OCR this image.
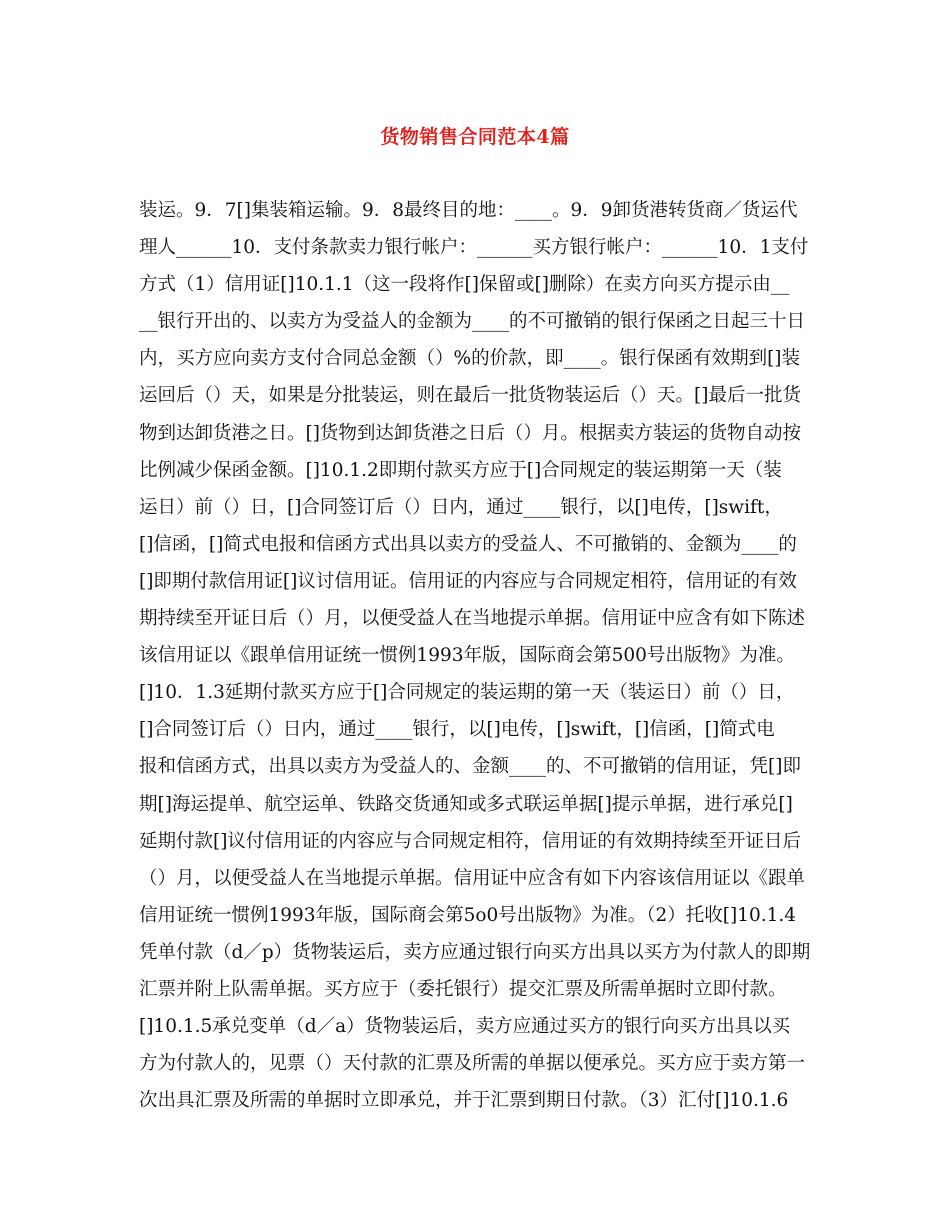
货物销售合同范本4篇
装运。9．7[]集装箱运输。9．8最终目的地：____。9．9卸货港转货商／货运代
理人______10．支付条款卖力银行帐户：______买方银行帐户：______10．1支付
方式（1）信用证[]10.1.1（这一段将作[]保留或[]删除）在卖方向买方提示由__
__银行开出的、以卖方为受益人的金额为____的不可撤销的银行保函之日起三十日
内，买方应向卖方支付合同总金额（）%的价款，即____。银行保函有效期到[]装
运回后（）天，如果是分批装运，则在最后一批货物装运后（）天。[]最后一批货
物到达卸货港之日。[]货物到达卸货港之日后（）月。根据卖方装运的货物自动按
比例减少保函金额。[]10.1.2即期付款买方应于[]合同规定的装运期第一天（装
运日）前（）日，[]合同签订后（）日内，通过____银行，以[]电传，[]swift，
[]信函，[]简式电报和信函方式出具以卖方的受益人、不可撤销的、金额为____的
[]即期付款信用证[]议讨信用证。信用证的内容应与合同规定相符，信用证的有效
期持续至开证日后（）月，以便受益人在当地提示单据。信用证中应含有如下陈述
该信用证以《跟单信用证统一惯例1993年版，国际商会第500号出版物》为准。
[]10．1.3延期付款买方应于[]合同规定的装运期的第一天（装运日）前（）日，
[]合同签订后（）日内，通过____银行，以[]电传，[]swift，[]信函，[]简式电
报和信函方式，出具以卖方为受益人的、金额____的、不可撤销的信用证，凭[]即
期[]海运提单、航空运单、铁路交货通知或多式联运单据[]提示单据，进行承兑[]
延期付款[]议付信用证的内容应与合同规定相符，信用证的有效期持续至开证日后
（）月，以便受益人在当地提示单据。信用证中应含有如下内容该信用证以《跟单
信用证统一惯例1993年版，国际商会第5o0号出版物》为准。（2）托收[]10.1.4
凭单付款（d／p）货物装运后，卖方应通过银行向买方出具以买方为付款人的即期
汇票并附上队需单据。买方应于（委托银行）提交汇票及所需单据时立即付款。
[]10.1.5承兑变单（d／a）货物装运后，卖方应通过买方的银行向买方出具以买
方为付款人的，见票（）天付款的汇票及所需的单据以便承兑。买方应于卖方第一
次出具汇票及所需的单据时立即承兑，并于汇票到期日付款。（3）汇付[]10.1.6
